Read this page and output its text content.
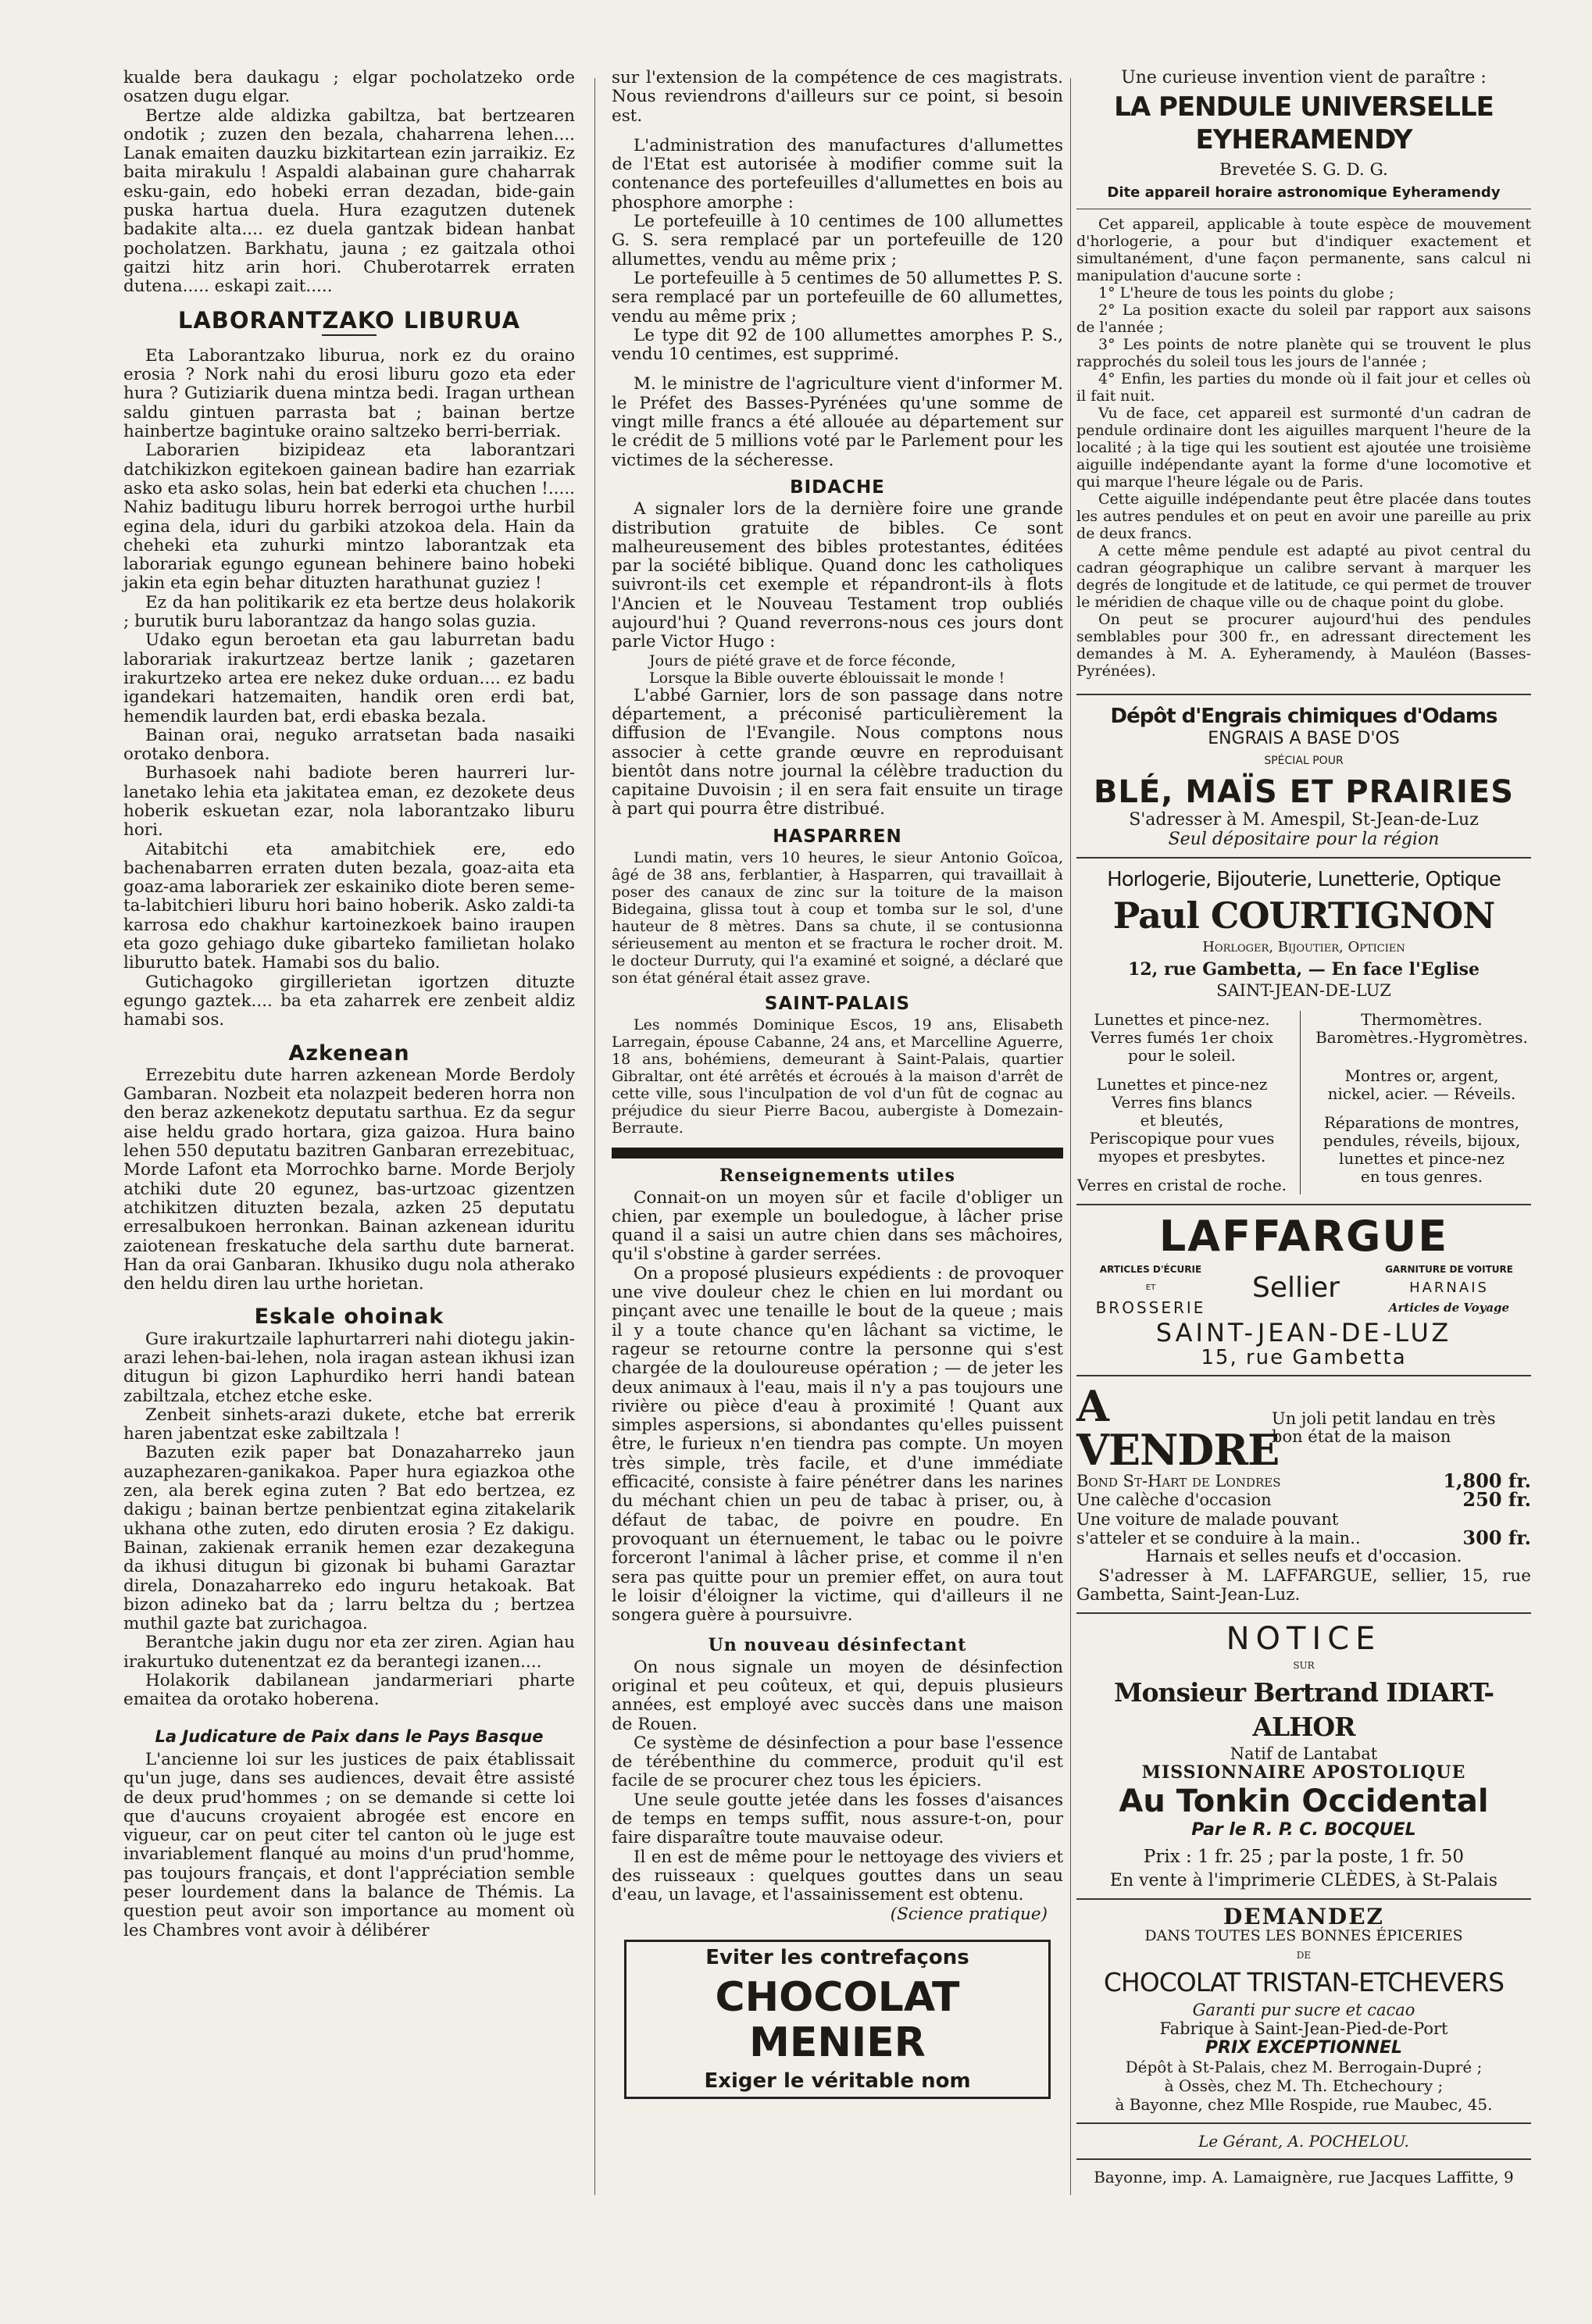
kualde bera daukagu ; elgar pocholatzeko orde osatzen dugu elgar.

Bertze alde aldizka gabiltza, bat bertzearen ondotik ; zuzen den bezala, chaharrena lehen.... Lanak emaiten dauzku bizkitartean ezin jarraikiz. Ez baita mirakulu ! Aspaldi alabainan gure chaharrak esku-gain, edo hobeki erran dezadan, bide-gain puska hartua duela. Hura ezagutzen dutenek badakite alta.... ez duela gantzak bidean hanbat pocholatzen. Barkhatu, jauna ; ez gaitzala othoi gaitzi hitz arin hori. Chuberotarrek erraten dutena..... eskapi zait.....

LABORANTZAKO LIBURUA

Eta Laborantzako liburua, nork ez du oraino erosia ? Nork nahi du erosi liburu gozo eta eder hura ? Gutiziarik duena mintza bedi. Iragan urthean saldu gintuen parrasta bat ; bainan bertze hainbertze bagintuke oraino saltzeko berri-berriak.

Laborarien bizipideaz eta laborantzari datchikizkon egitekoen gainean badire han ezarriak asko eta asko solas, hein bat ederki eta chuchen !..... Nahiz baditugu liburu horrek berrogoi urthe hurbil egina dela, iduri du garbiki atzokoa dela. Hain da cheheki eta zuhurki mintzo laborantzak eta laborariak egungo egunean behinere baino hobeki jakin eta egin behar dituzten harathunat guziez !

Ez da han politikarik ez eta bertze deus holakorik ; burutik buru laborantzaz da hango solas guzia.

Udako egun beroetan eta gau laburretan badu laborariak irakurtzeaz bertze lanik ; gazetaren irakurtzeko artea ere nekez duke orduan.... ez badu igandekari hatzemaiten, handik oren erdi bat, hemendik laurden bat, erdi ebaska bezala.

Bainan orai, neguko arratsetan bada nasaiki orotako denbora.

Burhasoek nahi badiote beren haurreri lur-lanetako lehia eta jakitatea eman, ez dezokete deus hoberik eskuetan ezar, nola laborantzako liburu hori.

Aitabitchi eta amabitchiek ere, edo bachenabarren erraten duten bezala, goaz-aita eta goaz-ama laborariek zer eskainiko diote beren seme-ta-labitchieri liburu hori baino hoberik. Asko zaldi-ta karrosa edo chakhur kartoinezkoek baino iraupen eta gozo gehiago duke gibarteko familietan holako liburutto batek. Hamabi sos du balio.

Gutichagoko girgillerietan igortzen dituzte egungo gaztek.... ba eta zaharrek ere zenbeit aldiz hamabi sos.

Azkenean

Errezebitu dute harren azkenean Morde Berdoly Gambaran. Nozbeit eta nolazpeit bederen horra non den beraz azkenekotz deputatu sarthua. Ez da segur aise heldu grado hortara, giza gaizoa. Hura baino lehen 550 deputatu bazitren Ganbaran errezebituac, Morde Lafont eta Morrochko barne. Morde Berjoly atchiki dute 20 egunez, bas-urtzoac gizentzen atchikitzen dituzten bezala, azken 25 deputatu erresalbukoen herronkan. Bainan azkenean iduritu zaiotenean freskatuche dela sarthu dute barnerat. Han da orai Ganbaran. Ikhusiko dugu nola atherako den heldu diren lau urthe horietan.

Eskale ohoinak

Gure irakurtzaile laphurtarreri nahi diotegu jakin-arazi lehen-bai-lehen, nola iragan astean ikhusi izan ditugun bi gizon Laphurdiko herri handi batean zabiltzala, etchez etche eske.

Zenbeit sinhets-arazi dukete, etche bat errerik haren jabentzat eske zabiltzala !

Bazuten ezik paper bat Donazaharreko jaun auzaphezaren-ganikakoa. Paper hura egiazkoa othe zen, ala berek egina zuten ? Bat edo bertzea, ez dakigu ; bainan bertze penbientzat egina zitakelarik ukhana othe zuten, edo diruten erosia ? Ez dakigu. Bainan, zakienak erranik hemen ezar dezakeguna da ikhusi ditugun bi gizonak bi buhami Garaztar direla, Donazaharreko edo inguru hetakoak. Bat bizon adineko bat da ; larru beltza du ; bertzea muthil gazte bat zurichagoa.

Berantche jakin dugu nor eta zer ziren. Agian hau irakurtuko dutenentzat ez da berantegi izanen....

Holakorik dabilanean jandarmeriari pharte emaitea da orotako hoberena.

La Judicature de Paix dans le Pays Basque

L'ancienne loi sur les justices de paix établissait qu'un juge, dans ses audiences, devait être assisté de deux prud'hommes ; on se demande si cette loi que d'aucuns croyaient abrogée est encore en vigueur, car on peut citer tel canton où le juge est invariablement flanqué au moins d'un prud'homme, pas toujours français, et dont l'appréciation semble peser lourdement dans la balance de Thémis. La question peut avoir son importance au moment où les Chambres vont avoir à délibérer

sur l'extension de la compétence de ces magistrats. Nous reviendrons d'ailleurs sur ce point, si besoin est.

L'administration des manufactures d'allumettes de l'Etat est autorisée à modifier comme suit la contenance des portefeuilles d'allumettes en bois au phosphore amorphe :

Le portefeuille à 10 centimes de 100 allumettes G. S. sera remplacé par un portefeuille de 120 allumettes, vendu au même prix ;

Le portefeuille à 5 centimes de 50 allumettes P. S. sera remplacé par un portefeuille de 60 allumettes, vendu au même prix ;

Le type dit 92 de 100 allumettes amorphes P. S., vendu 10 centimes, est supprimé.

M. le ministre de l'agriculture vient d'informer M. le Préfet des Basses-Pyrénées qu'une somme de vingt mille francs a été allouée au département sur le crédit de 5 millions voté par le Parlement pour les victimes de la sécheresse.

BIDACHE

A signaler lors de la dernière foire une grande distribution gratuite de bibles. Ce sont malheureusement des bibles protestantes, éditées par la société biblique. Quand donc les catholiques suivront-ils cet exemple et répandront-ils à flots l'Ancien et le Nouveau Testament trop oubliés aujourd'hui ? Quand reverrons-nous ces jours dont parle Victor Hugo :

Jours de piété grave et de force féconde,

Lorsque la Bible ouverte éblouissait le monde !

L'abbé Garnier, lors de son passage dans notre département, a préconisé particulièrement la diffusion de l'Evangile. Nous comptons nous associer à cette grande œuvre en reproduisant bientôt dans notre journal la célèbre traduction du capitaine Duvoisin ; il en sera fait ensuite un tirage à part qui pourra être distribué.

HASPARREN

Lundi matin, vers 10 heures, le sieur Antonio Goïcoa, âgé de 38 ans, ferblantier, à Hasparren, qui travaillait à poser des canaux de zinc sur la toiture de la maison Bidegaina, glissa tout à coup et tomba sur le sol, d'une hauteur de 8 mètres. Dans sa chute, il se contusionna sérieusement au menton et se fractura le rocher droit. M. le docteur Durruty, qui l'a examiné et soigné, a déclaré que son état général était assez grave.

SAINT-PALAIS

Les nommés Dominique Escos, 19 ans, Elisabeth Larregain, épouse Cabanne, 24 ans, et Marcelline Aguerre, 18 ans, bohémiens, demeurant à Saint-Palais, quartier Gibraltar, ont été arrêtés et écroués à la maison d'arrêt de cette ville, sous l'inculpation de vol d'un fût de cognac au préjudice du sieur Pierre Bacou, aubergiste à Domezain-Berraute.

Renseignements utiles

Connait-on un moyen sûr et facile d'obliger un chien, par exemple un bouledogue, à lâcher prise quand il a saisi un autre chien dans ses mâchoires, qu'il s'obstine à garder serrées.

On a proposé plusieurs expédients : de provoquer une vive douleur chez le chien en lui mordant ou pinçant avec une tenaille le bout de la queue ; mais il y a toute chance qu'en lâchant sa victime, le rageur se retourne contre la personne qui s'est chargée de la douloureuse opération ; — de jeter les deux animaux à l'eau, mais il n'y a pas toujours une rivière ou pièce d'eau à proximité ! Quant aux simples aspersions, si abondantes qu'elles puissent être, le furieux n'en tiendra pas compte. Un moyen très simple, très facile, et d'une immédiate efficacité, consiste à faire pénétrer dans les narines du méchant chien un peu de tabac à priser, ou, à défaut de tabac, de poivre en poudre. En provoquant un éternuement, le tabac ou le poivre forceront l'animal à lâcher prise, et comme il n'en sera pas quitte pour un premier effet, on aura tout le loisir d'éloigner la victime, qui d'ailleurs il ne songera guère à poursuivre.

Un nouveau désinfectant

On nous signale un moyen de désinfection original et peu coûteux, et qui, depuis plusieurs années, est employé avec succès dans une maison de Rouen.

Ce système de désinfection a pour base l'essence de térébenthine du commerce, produit qu'il est facile de se procurer chez tous les épiciers.

Une seule goutte jetée dans les fosses d'aisances de temps en temps suffit, nous assure-t-on, pour faire disparaître toute mauvaise odeur.

Il en est de même pour le nettoyage des viviers et des ruisseaux : quelques gouttes dans un seau d'eau, un lavage, et l'assainissement est obtenu.

(Science pratique)

Eviter les contrefaçons
CHOCOLAT
MENIER
Exiger le véritable nom

Une curieuse invention vient de paraître :

LA PENDULE UNIVERSELLE EYHERAMENDY

Brevetée S. G. D. G.

Dite appareil horaire astronomique Eyheramendy

Cet appareil, applicable à toute espèce de mouvement d'horlogerie, a pour but d'indiquer exactement et simultanément, d'une façon permanente, sans calcul ni manipulation d'aucune sorte :

1° L'heure de tous les points du globe ;

2° La position exacte du soleil par rapport aux saisons de l'année ;

3° Les points de notre planète qui se trouvent le plus rapprochés du soleil tous les jours de l'année ;

4° Enfin, les parties du monde où il fait jour et celles où il fait nuit.

Vu de face, cet appareil est surmonté d'un cadran de pendule ordinaire dont les aiguilles marquent l'heure de la localité ; à la tige qui les soutient est ajoutée une troisième aiguille indépendante ayant la forme d'une locomotive et qui marque l'heure légale ou de Paris.

Cette aiguille indépendante peut être placée dans toutes les autres pendules et on peut en avoir une pareille au prix de deux francs.

A cette même pendule est adapté au pivot central du cadran géographique un calibre servant à marquer les degrés de longitude et de latitude, ce qui permet de trouver le méridien de chaque ville ou de chaque point du globe.

On peut se procurer aujourd'hui des pendules semblables pour 300 fr., en adressant directement les demandes à M. A. Eyheramendy, à Mauléon (Basses-Pyrénées).

Dépôt d'Engrais chimiques d'Odams
ENGRAIS A BASE D'OS
SPÉCIAL POUR
BLÉ, MAÏS ET PRAIRIES
S'adresser à M. Amespil, St-Jean-de-Luz
Seul dépositaire pour la région
Horlogerie, Bijouterie, Lunetterie, Optique
Paul COURTIGNON
Horloger, Bijoutier, Opticien
12, rue Gambetta, — En face l'Eglise
SAINT-JEAN-DE-LUZ
Lunettes et pince-nez.
Verres fumés 1er choix
pour le soleil.
Lunettes et pince-nez
Verres fins blancs
et bleutés,
Periscopique pour vues
myopes et presbytes.
Verres en cristal de roche.
Thermomètres.
Baromètres.-Hygromètres.
Montres or, argent,
nickel, acier. — Réveils.
Réparations de montres,
pendules, réveils, bijoux,
lunettes et pince-nez
en tous genres.
LAFFARGUE
ARTICLES D'ÉCURIE
ET
BROSSERIE
Sellier
GARNITURE DE VOITURE
HARNAIS
Articles de Voyage
SAINT-JEAN-DE-LUZ
15, rue Gambetta
A VENDRE
Un joli petit landau en très bon état de la maison
Bond St-Hart de Londres	1,800 fr.
Une calèche d'occasion	250 fr.
Une voiture de malade pouvant s'atteler et se conduire à la main..	300 fr.

Harnais et selles neufs et d'occasion.

S'adresser à M. LAFFARGUE, sellier, 15, rue Gambetta, Saint-Jean-Luz.

NOTICE
SUR
Monsieur Bertrand IDIART-ALHOR
Natif de Lantabat
MISSIONNAIRE APOSTOLIQUE
Au Tonkin Occidental
Par le R. P. C. BOCQUEL
Prix : 1 fr. 25 ; par la poste, 1 fr. 50
En vente à l'imprimerie CLÈDES, à St-Palais
DEMANDEZ
DANS TOUTES LES BONNES ÉPICERIES
DE
CHOCOLAT TRISTAN-ETCHEVERS
Garanti pur sucre et cacao
Fabrique à Saint-Jean-Pied-de-Port
PRIX EXCEPTIONNEL
Dépôt à St-Palais, chez M. Berrogain-Dupré ;
à Ossès, chez M. Th. Etchechoury ;
à Bayonne, chez Mlle Rospide, rue Maubec, 45.
Le Gérant, A. POCHELOU.
Bayonne, imp. A. Lamaignère, rue Jacques Laffitte, 9
